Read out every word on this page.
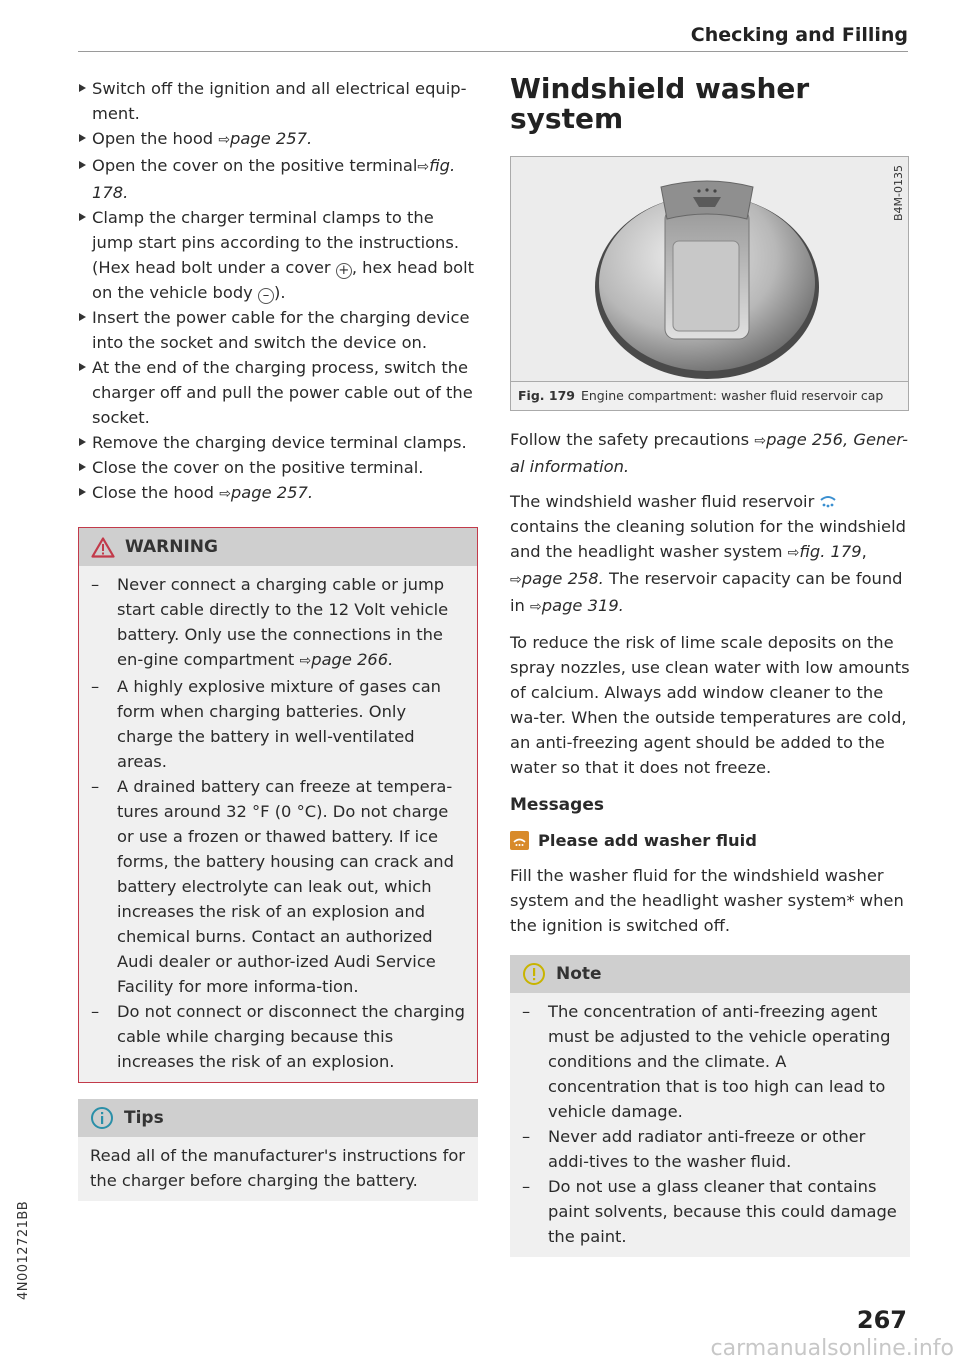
Checking and Filling
Switch off the ignition and all electrical equip- ment.
Open the hood ⇨page 257.
Open the cover on the positive terminal⇨fig. 178.
Clamp the charger terminal clamps to the jump start pins according to the instructions. (Hex head bolt under a cover + , hex head bolt on the vehicle body – ).
Insert the power cable for the charging device into the socket and switch the device on.
At the end of the charging process, switch the charger off and pull the power cable out of the socket.
Remove the charging device terminal clamps.
Close the cover on the positive terminal.
Close the hood ⇨page 257.
WARNING
– Never connect a charging cable or jump start cable directly to the 12 Volt vehicle battery. Only use the connections in the en-gine compartment ⇨page 266.
– A highly explosive mixture of gases can form when charging batteries. Only charge the battery in well-ventilated areas.
– A drained battery can freeze at tempera-tures around 32 °F (0 °C). Do not charge or use a frozen or thawed battery. If ice forms, the battery housing can crack and battery electrolyte can leak out, which increases the risk of an explosion and chemical burns. Contact an authorized Audi dealer or author-ized Audi Service Facility for more informa-tion.
– Do not connect or disconnect the charging cable while charging because this increases the risk of an explosion.
Tips
Read all of the manufacturer's instructions for the charger before charging the battery.
Windshield washer
system
B4M-0135
Fig. 179 Engine compartment: washer fluid reservoir cap
Follow the safety precautions ⇨page 256, Gener-al information.
The windshield washer fluid reservoir  contains the cleaning solution for the windshield and the headlight washer system ⇨fig. 179, ⇨page 258. The reservoir capacity can be found in ⇨page 319.
To reduce the risk of lime scale deposits on the spray nozzles, use clean water with low amounts of calcium. Always add window cleaner to the wa-ter. When the outside temperatures are cold, an anti-freezing agent should be added to the water so that it does not freeze.
Messages
Please add washer fluid
Fill the washer fluid for the windshield washer system and the headlight washer system* when the ignition is switched off.
Note
– The concentration of anti-freezing agent must be adjusted to the vehicle operating conditions and the climate. A concentration that is too high can lead to vehicle damage.
– Never add radiator anti-freeze or other addi-tives to the washer fluid.
– Do not use a glass cleaner that contains paint solvents, because this could damage the paint.
4N0012721BB
267
carmanualsonline.info
